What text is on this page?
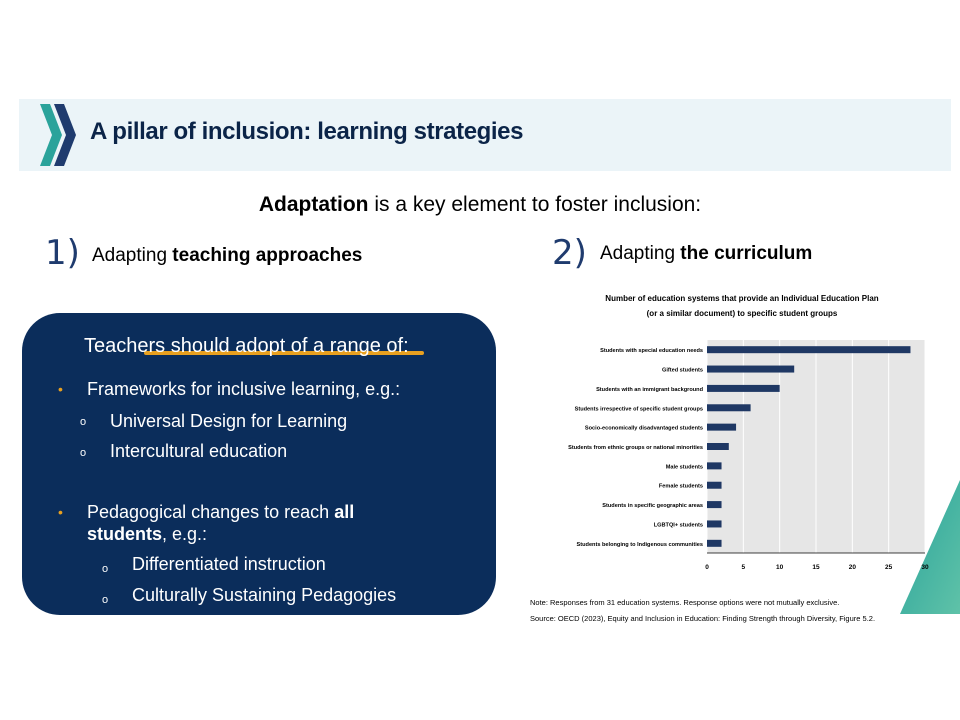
A pillar of inclusion: learning strategies
Adaptation is a key element to foster inclusion:
1) Adapting teaching approaches	2) Adapting the curriculum
Teachers should adopt of a range of:
• Frameworks for inclusive learning, e.g.:
o Universal Design for Learning
o Intercultural education
• Pedagogical changes to reach all
students, e.g.:
o Differentiated instruction
o Culturally Sustaining Pedagogies
Number of education systems that provide an Individual Education Plan
(or a similar document) to specific student groups
Students with special education needs
Gifted students
Students with an immigrant background
Students irrespective of specific student groups
Socio-economically disadvantaged students
Students from ethnic groups or national minorities
Male students
Female students
Students in specific geographic areas
LGBTQI+ students
Students belonging to Indigenous communities
0	5	10	15	20	25	30
Note: Responses from 31 education systems. Response options were not mutually exclusive.
Source: OECD (2023), Equity and Inclusion in Education: Finding Strength through Diversity, Figure 5.2.
